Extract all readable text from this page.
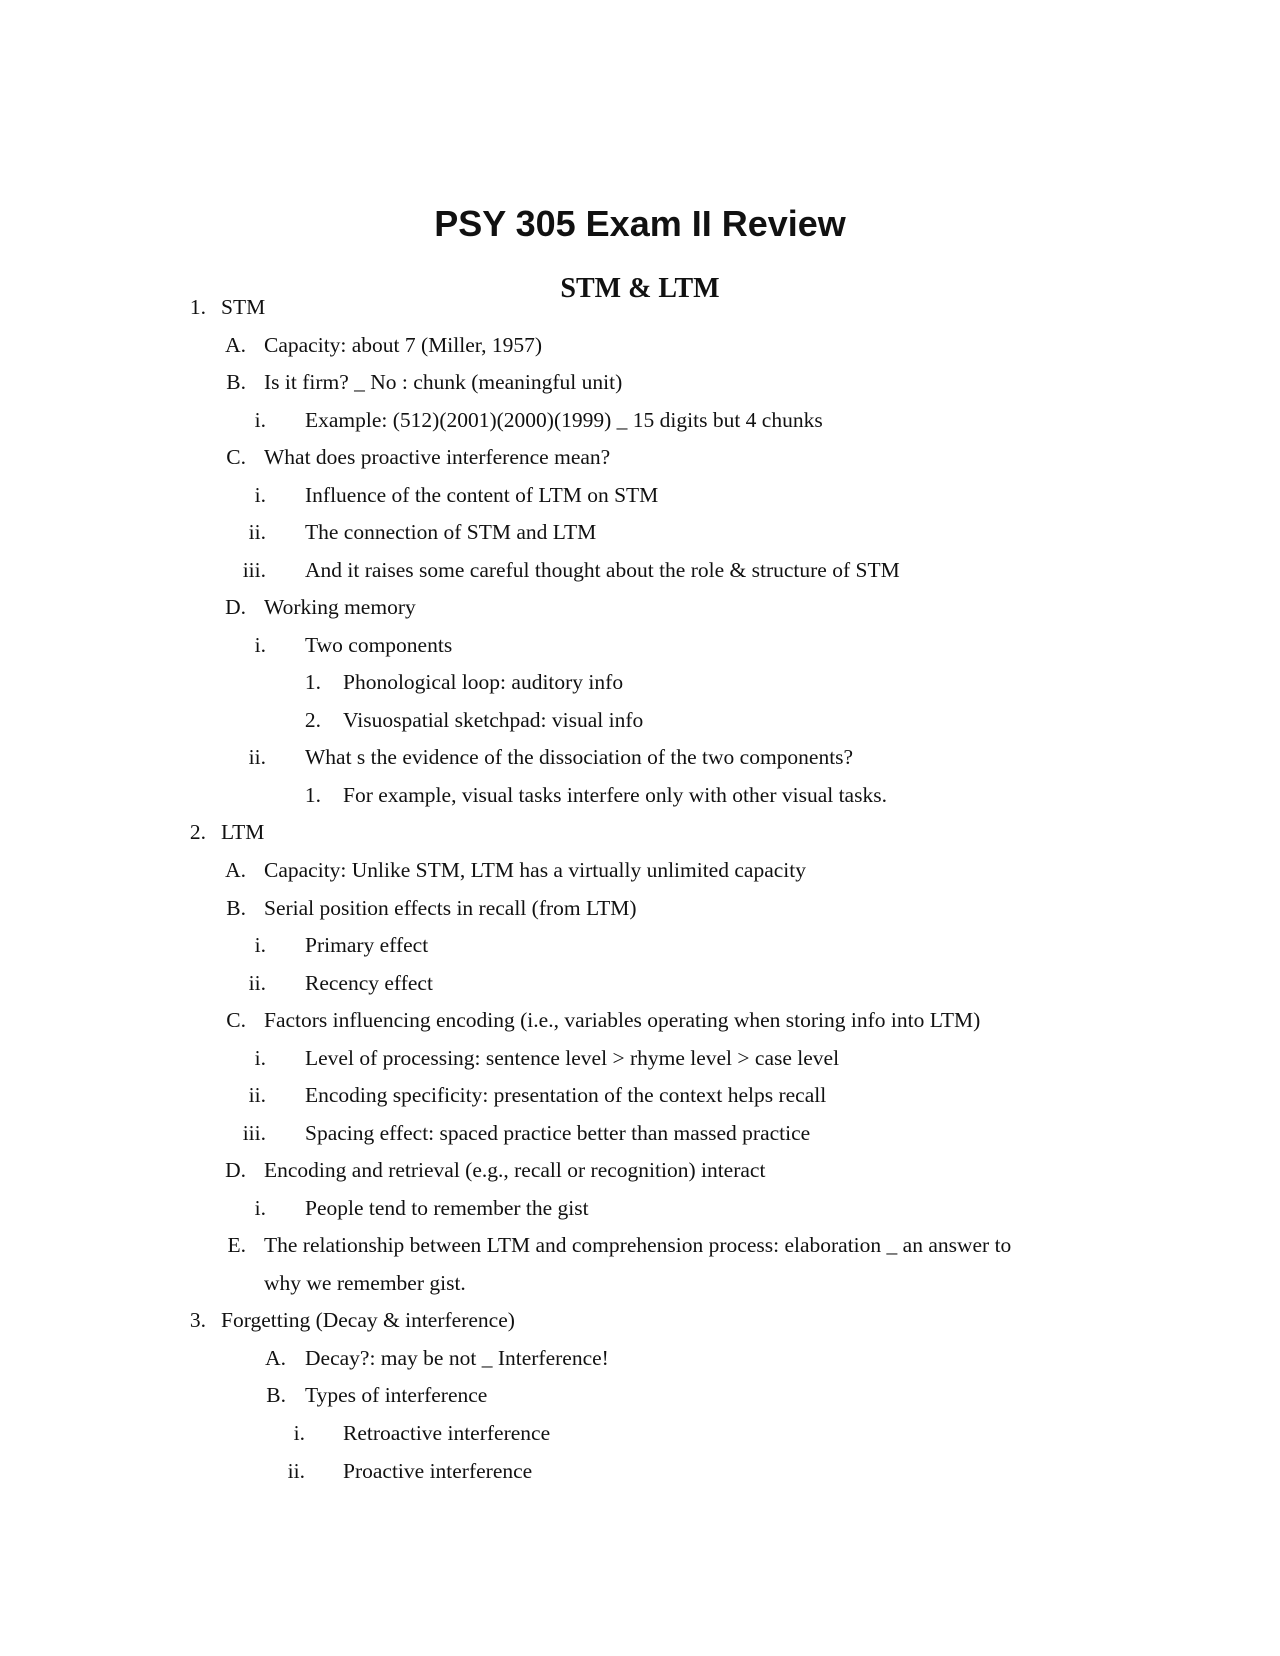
PSY 305 Exam II Review
STM & LTM
1. STM
A. Capacity: about 7 (Miller, 1957)
B. Is it firm? _ No : chunk (meaningful unit)
i. Example: (512)(2001)(2000)(1999) _ 15 digits but 4 chunks
C. What does proactive interference mean?
i. Influence of the content of LTM on STM
ii. The connection of STM and LTM
iii. And it raises some careful thought about the role & structure of STM
D. Working memory
i. Two components
1. Phonological loop: auditory info
2. Visuospatial sketchpad: visual info
ii. What s the evidence of the dissociation of the two components?
1. For example, visual tasks interfere only with other visual tasks.
2. LTM
A. Capacity: Unlike STM, LTM has a virtually unlimited capacity
B. Serial position effects in recall (from LTM)
i. Primary effect
ii. Recency effect
C. Factors influencing encoding (i.e., variables operating when storing info into LTM)
i. Level of processing: sentence level > rhyme level > case level
ii. Encoding specificity: presentation of the context helps recall
iii. Spacing effect: spaced practice better than massed practice
D. Encoding and retrieval (e.g., recall or recognition) interact
i. People tend to remember the gist
E. The relationship between LTM and comprehension process: elaboration _ an answer to
why we remember gist.
3. Forgetting (Decay & interference)
A. Decay?: may be not _ Interference!
B. Types of interference
i. Retroactive interference
ii. Proactive interference
